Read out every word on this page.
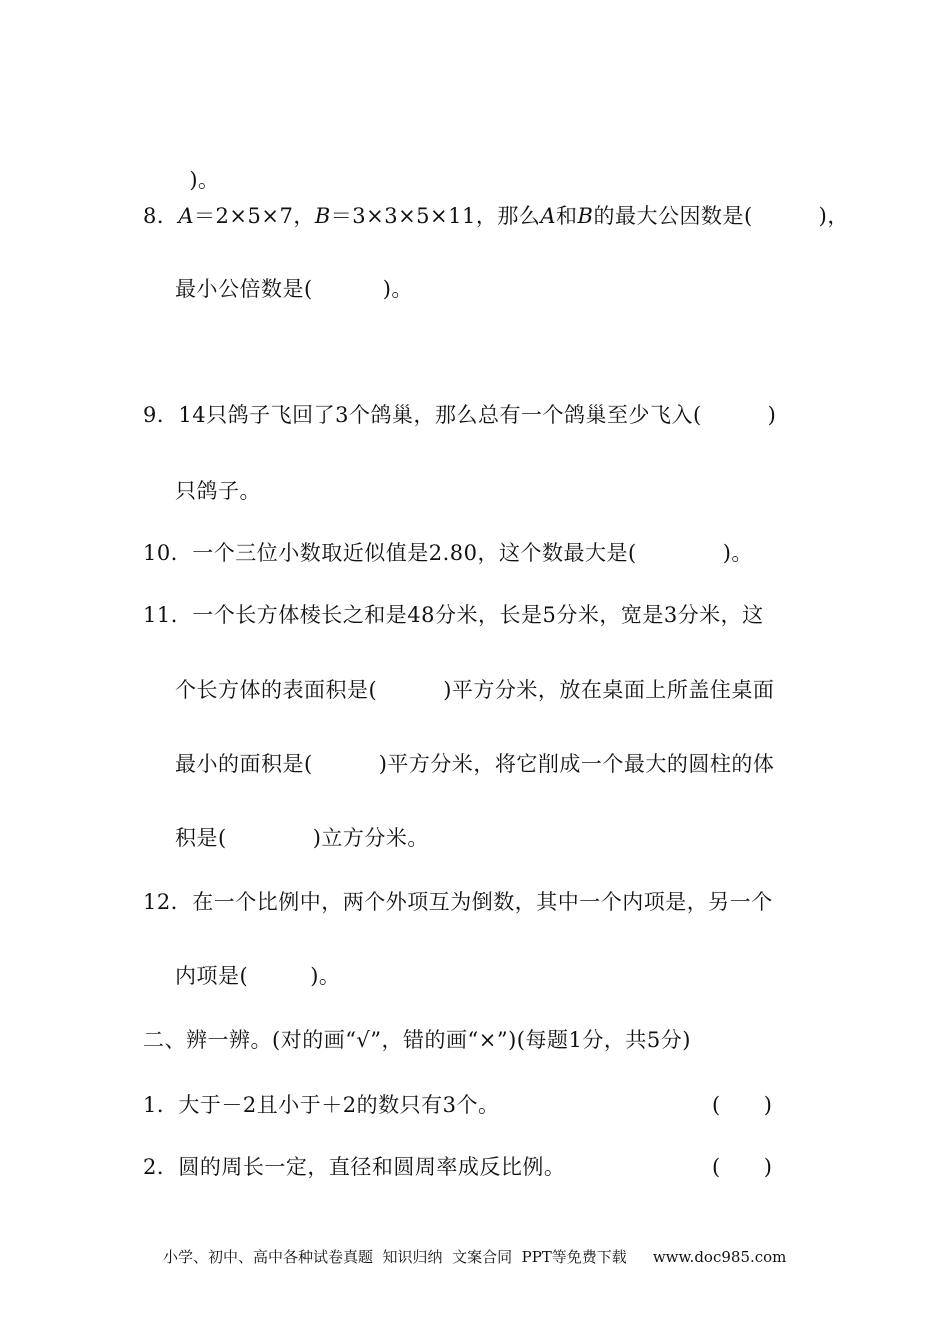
)。

8．A＝2×5×7，B＝3×3×5×11，那么A和B的最大公因数是(	)，
最小公倍数是(	)。
9．14只鸽子飞回了3个鸽巢，那么总有一个鸽巢至少飞入(	)
只鸽子。
10．一个三位小数取近似值是2.80，这个数最大是(	)。
11．一个长方体棱长之和是48分米，长是5分米，宽是3分米，这
个长方体的表面积是(	)平方分米，放在桌面上所盖住桌面
最小的面积是(	)平方分米，将它削成一个最大的圆柱的体
积是(	)立方分米。
12．在一个比例中，两个外项互为倒数，其中一个内项是，另一个
内项是(	)。
二、辨一辨。(对的画“√”，错的画“×”)(每题1分，共5分)
1．大于－2且小于＋2的数只有3个。	(      )
2．圆的周长一定，直径和圆周率成反比例。	(      )
小学、初中、高中各种试卷真题  知识归纳  文案合同  PPT等免费下载 www.doc985.com
